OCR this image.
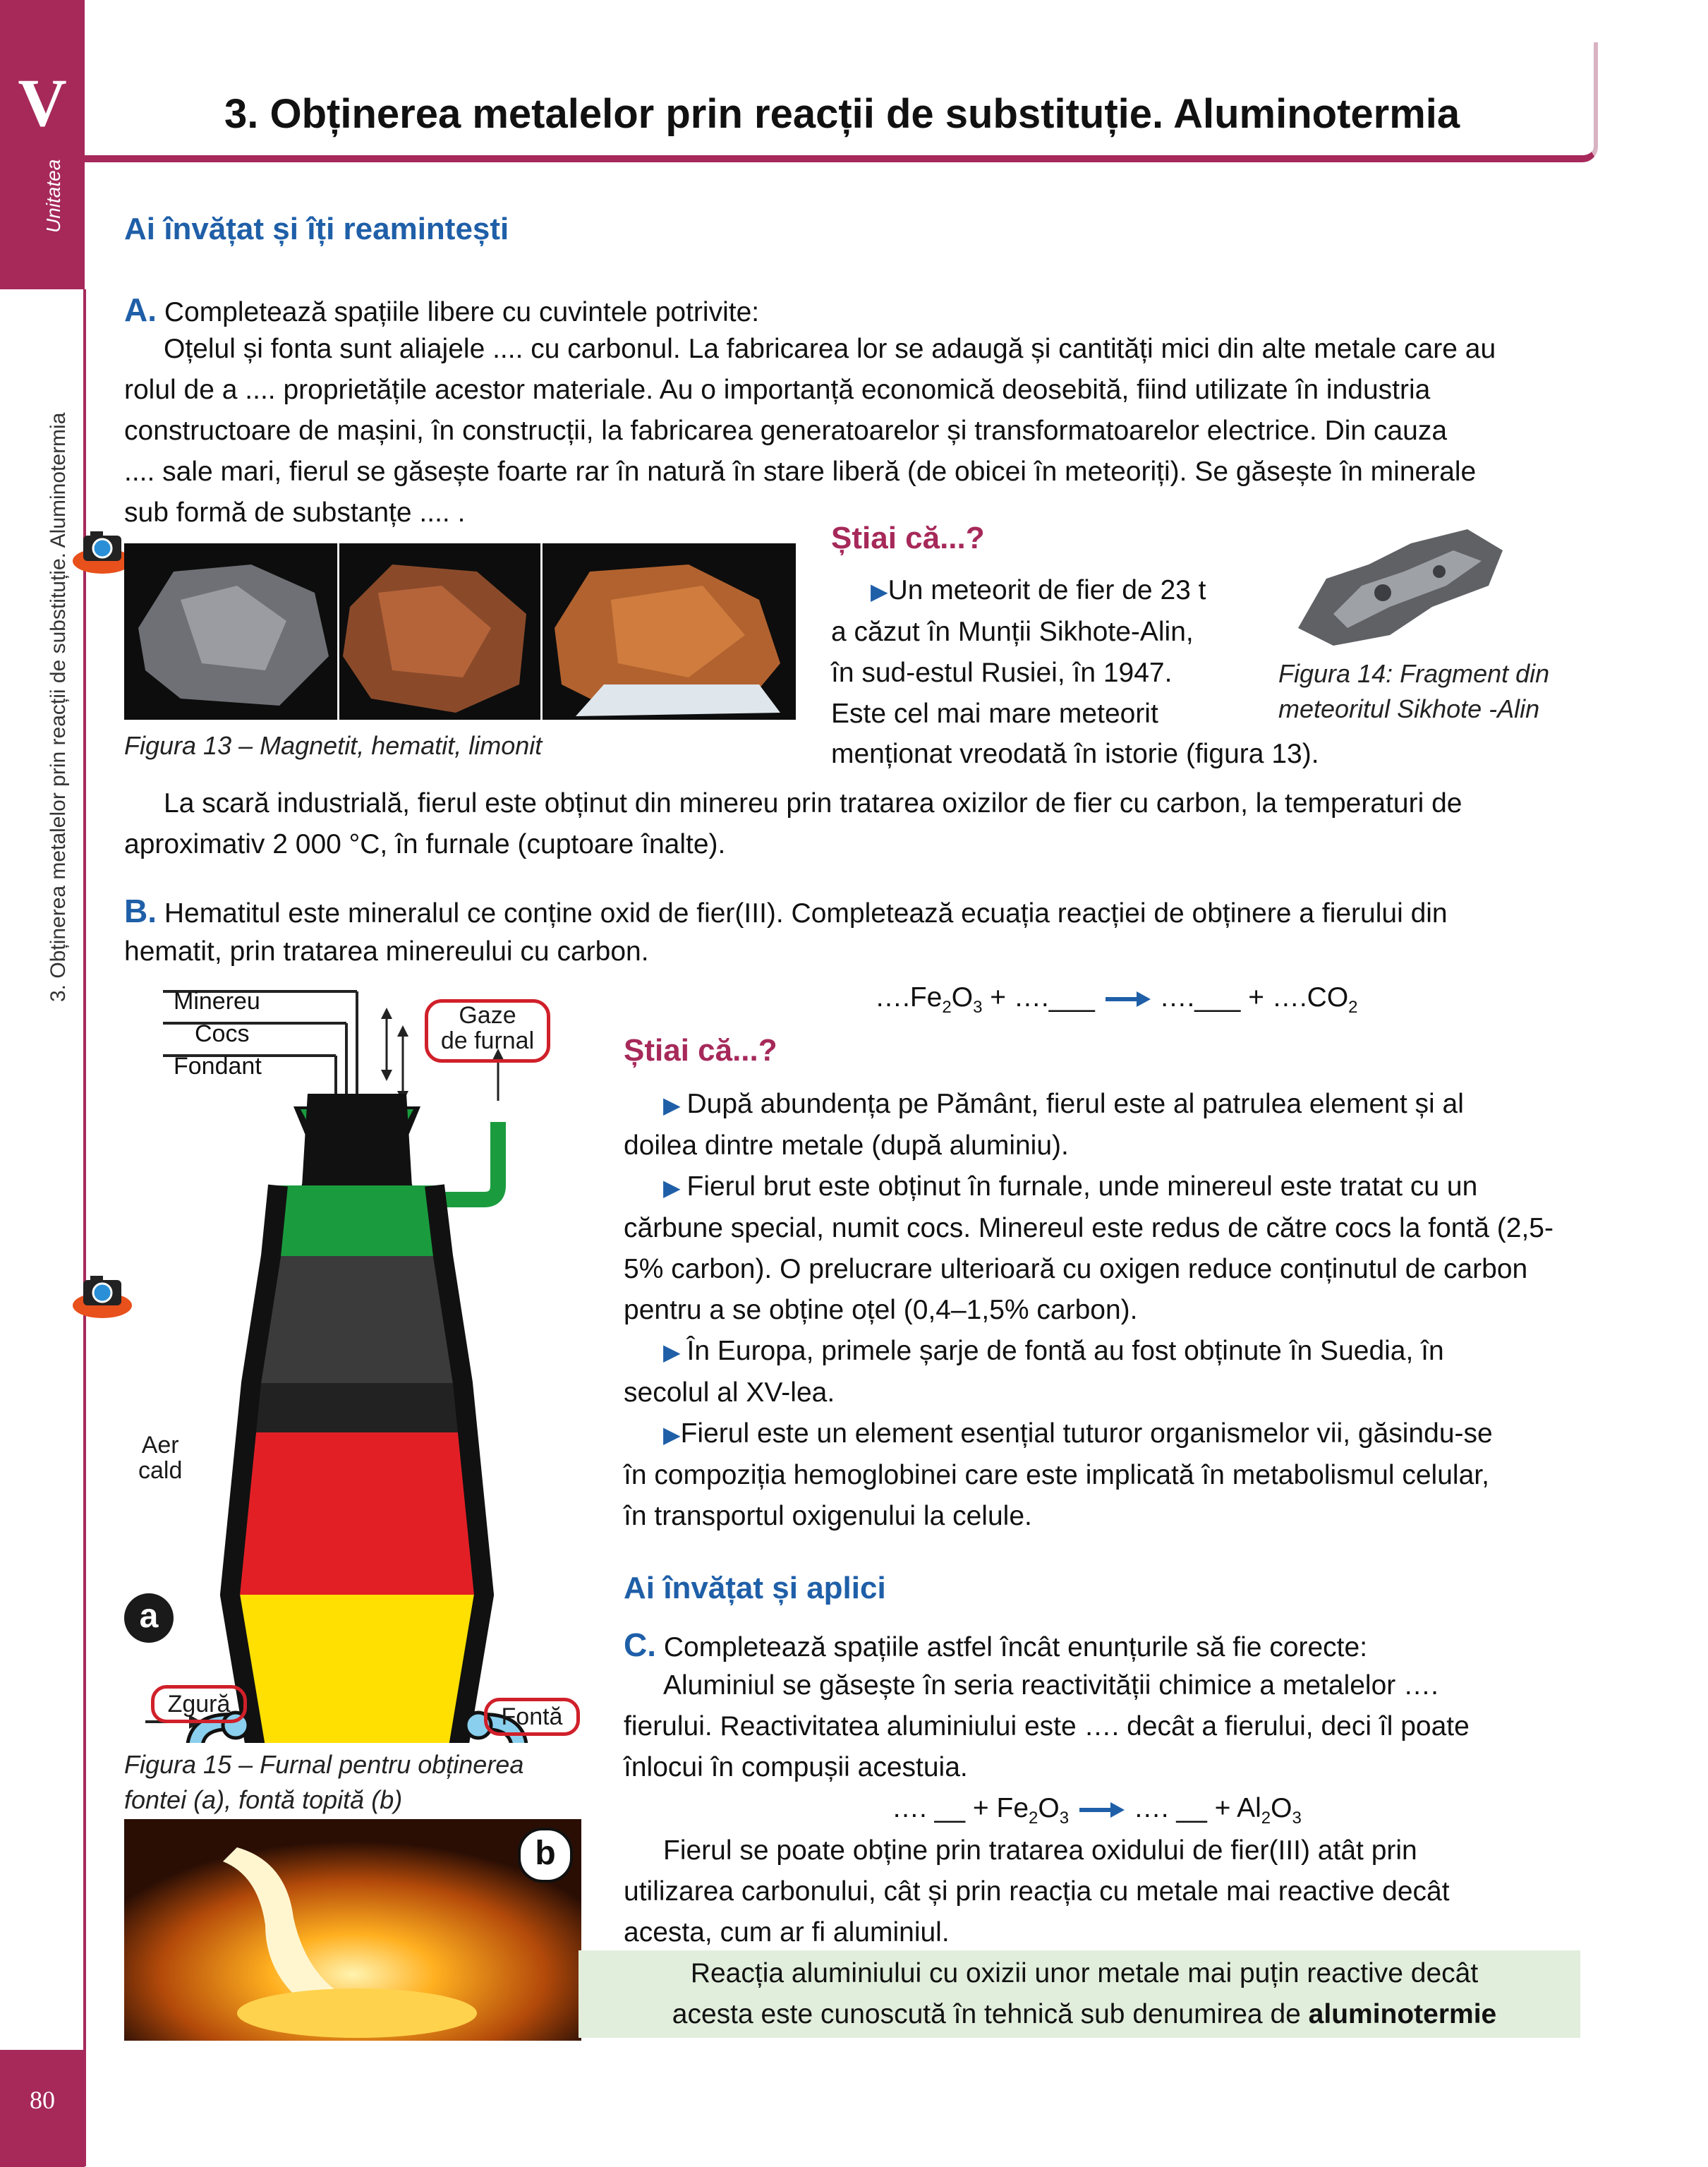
V
Unitatea
3. Obținerea metalelor prin reacții de substituție. Aluminotermia
80
3. Obținerea metalelor prin reacții de substituție. Aluminotermia
Ai învățat și îți reamintești
A. Completează spațiile libere cu cuvintele potrivite:
Oțelul și fonta sunt aliajele .... cu carbonul. La fabricarea lor se adaugă și cantități mici din alte metale care au
rolul de a .... proprietățile acestor materiale. Au o importanță economică deosebită, fiind utilizate în industria
constructoare de mașini, în construcții, la fabricarea generatoarelor și transformatoarelor electrice. Din cauza
.... sale mari, fierul se găsește foarte rar în natură în stare liberă (de obicei în meteoriți). Se găsește în minerale
sub formă de substanțe .... .
Figura 13 – Magnetit, hematit, limonit
Știai că...?
▶Un meteorit de fier de 23 t
a căzut în Munții Sikhote-Alin,
în sud-estul Rusiei, în 1947.
Este cel mai mare meteorit
menționat vreodată în istorie (figura 13).
Figura 14: Fragment din
meteoritul Sikhote -Alin
La scară industrială, fierul este obținut din minereu prin tratarea oxizilor de fier cu carbon, la temperaturi de
aproximativ 2 000 °C, în furnale (cuptoare înalte).
B. Hematitul este mineralul ce conține oxid de fier(III). Completează ecuația reacției de obținere a fierului din
hematit, prin tratarea minereului cu carbon.
$\dots.Fe_2O_3$ + ….___ ….___ + $\dots.CO_2$
Minereu
Cocs
Fondant
Gaze
de furnal
Aer
cald
a
Zgură	Fontă
Figura 15 – Furnal pentru obținerea
fontei (a), fontă topită (b)
b
Știai că...?
▶ După abundența pe Pământ, fierul este al patrulea element și al
doilea dintre metale (după aluminiu).
▶ Fierul brut este obținut în furnale, unde minereul este tratat cu un
cărbune special, numit cocs. Minereul este redus de către cocs la fontă (2,5-
5% carbon). O prelucrare ulterioară cu oxigen reduce conținutul de carbon
pentru a se obține oțel (0,4–1,5% carbon).
▶ În Europa, primele șarje de fontă au fost obținute în Suedia, în
secolul al XV-lea.
▶Fierul este un element esențial tuturor organismelor vii, găsindu-se
în compoziția hemoglobinei care este implicată în metabolismul celular,
în transportul oxigenului la celule.
Ai învățat și aplici
C. Completează spațiile astfel încât enunțurile să fie corecte:
Aluminiul se găsește în seria reactivității chimice a metalelor ….
fierului. Reactivitatea aluminiului este …. decât a fierului, deci îl poate
înlocui în compușii acestuia.
…. __ + $Fe_2O_3$ …. __ + $Al_2O_3$
Fierul se poate obține prin tratarea oxidului de fier(III) atât prin
utilizarea carbonului, cât și prin reacția cu metale mai reactive decât
acesta, cum ar fi aluminiul.
Reacția aluminiului cu oxizii unor metale mai puțin reactive decât
acesta este cunoscută în tehnică sub denumirea de aluminotermie
